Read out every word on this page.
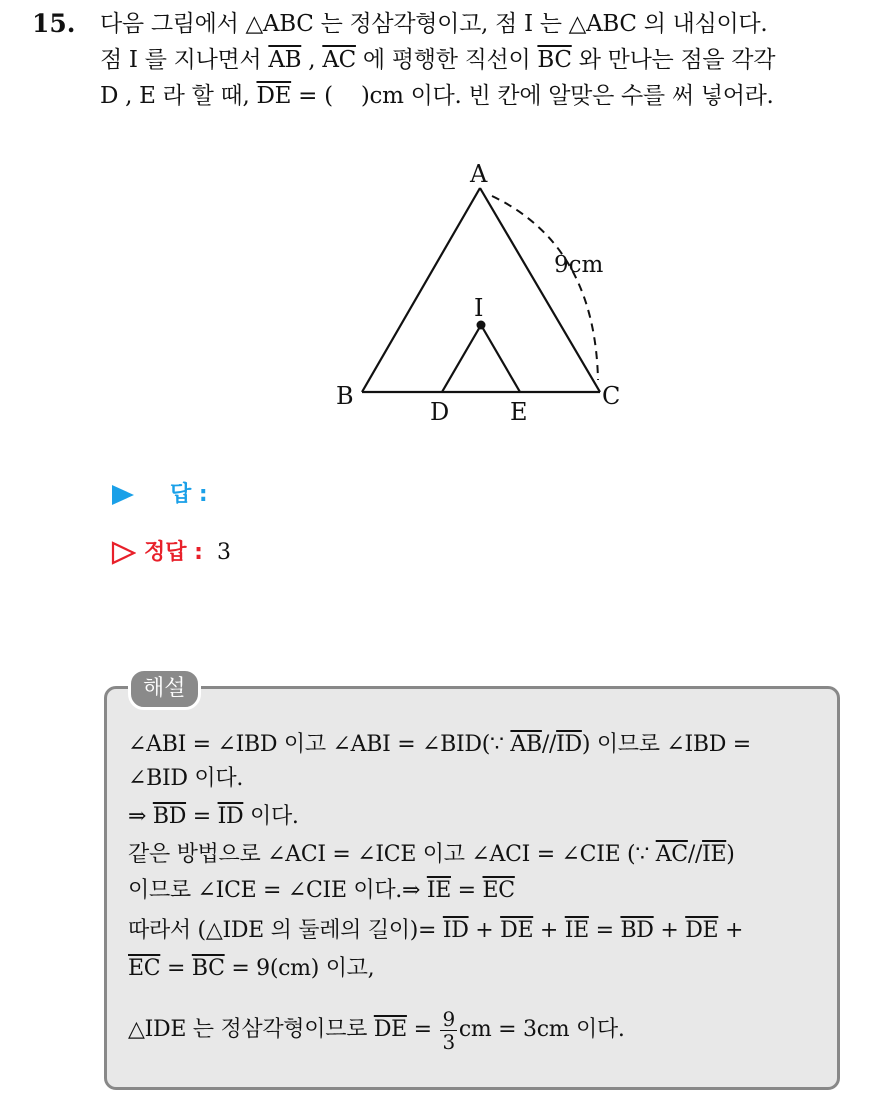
15. 다음 그림에서 △ABC 는 정삼각형이고, 점 I 는 △ABC 의 내심이다.
점 I 를 지나면서 $\overline{AB}$ , $\overline{AC}$ 에 평행한 직선이 $\overline{BC}$ 와 만나는 점을 각각
D , E 라 할 때, $\overline{DE}$ = (    )cm 이다. 빈 칸에 알맞은 수를 써 넣어라.
A
B	C
D	E
I
9cm
답 :
정답 : 3
해설
∠ABI = ∠IBD 이고 ∠ABI = ∠BID(∵ $\overline{AB}//\overline{ID}$) 이므로 ∠IBD =
∠BID 이다.
⇒ $\overline{BD} = \overline{ID}$ 이다.
같은 방법으로 ∠ACI = ∠ICE 이고 ∠ACI = ∠CIE (∵ $\overline{AC}//\overline{IE}$)
이므로 ∠ICE = ∠CIE 이다.⇒ $\overline{IE} = \overline{EC}$
따라서 (△IDE 의 둘레의 길이)= $\overline{ID} + \overline{DE} + \overline{IE} = \overline{BD} + \overline{DE}$ +
$\overline{EC} = \overline{BC} = 9(cm)$ 이고,
△IDE 는 정삼각형이므로 $\overline{DE} = \frac{9}{3}$ cm = 3cm 이다.
